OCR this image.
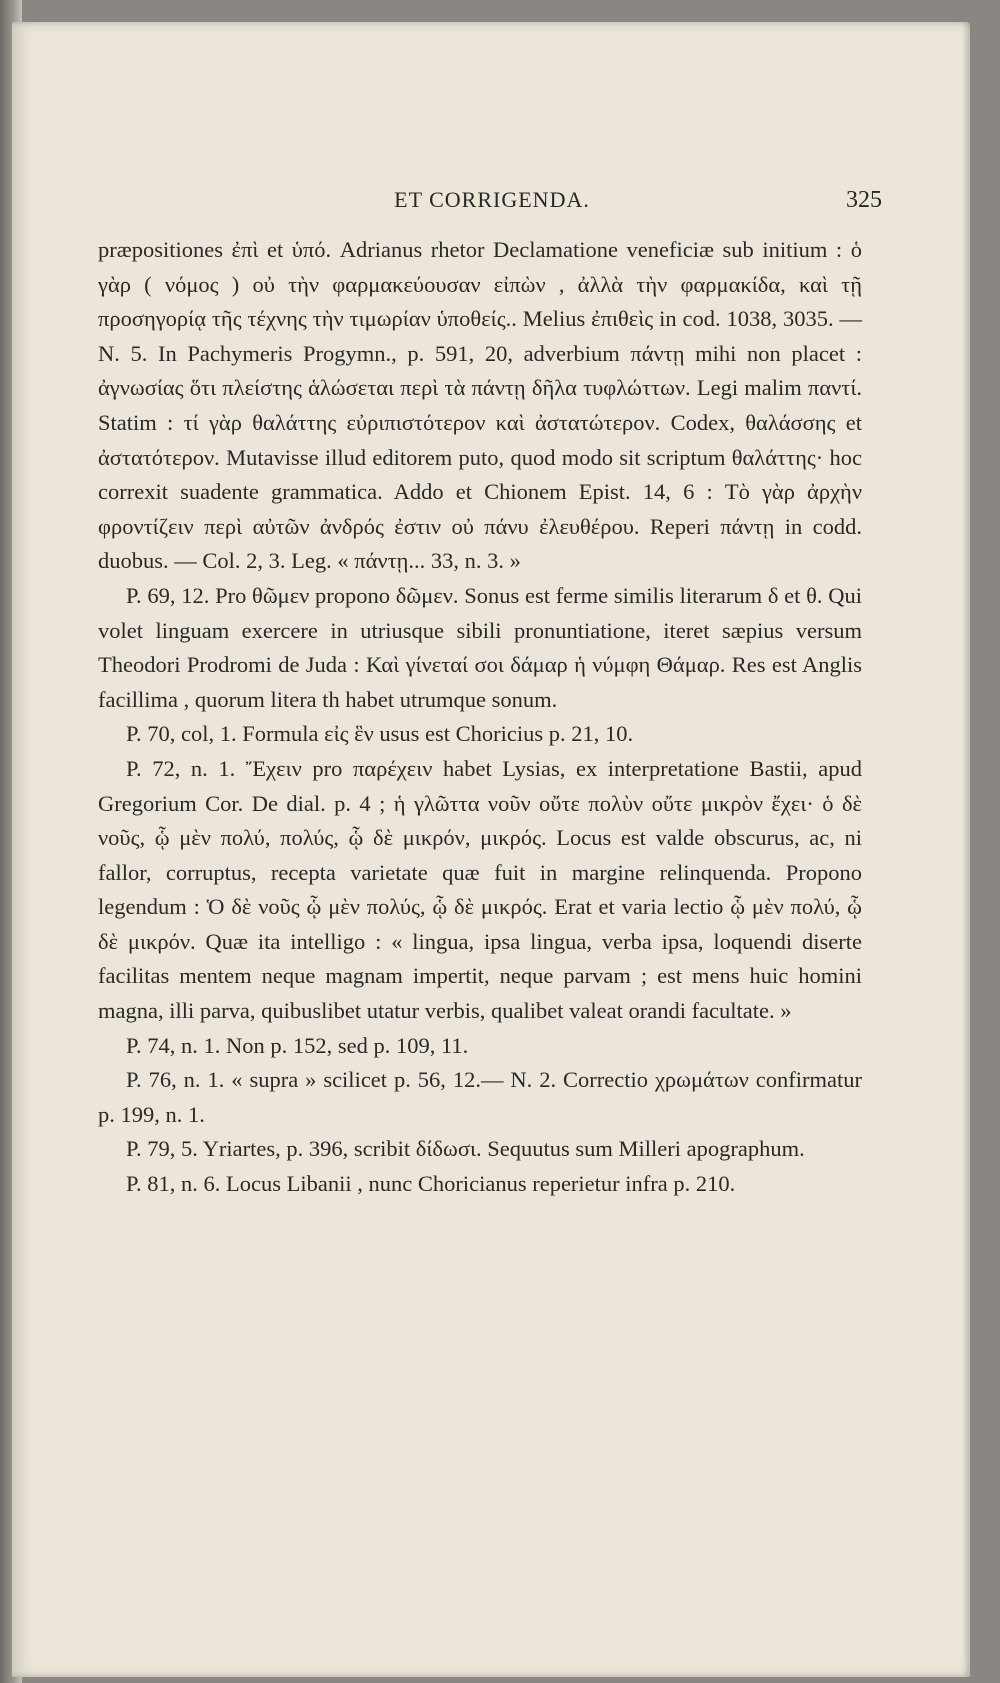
ET CORRIGENDA.	325

præpositiones ἐπὶ et ὑπό. Adrianus rhetor Declamatione veneficiæ sub initium : ὁ γὰρ ( νόμος ) οὐ τὴν φαρμακεύουσαν εἰπὼν , ἀλλὰ τὴν φαρμακίδα, καὶ τῇ προσηγορίᾳ τῆς τέχνης τὴν τιμωρίαν ὑποθείς.. Melius ἐπιθεὶς in cod. 1038, 3035. — N. 5. In Pachymeris Progymn., p. 591, 20, adverbium πάντῃ mihi non placet : ἀγνωσίας ὅτι πλείστης ἁλώσεται περὶ τὰ πάντῃ δῆλα τυφλώττων. Legi malim παντί. Statim : τί γὰρ θαλάττης εὐριπιστότερον καὶ ἀστατώτερον. Codex, θαλάσσης et ἀστατότερον. Mutavisse illud editorem puto, quod modo sit scriptum θαλάττης· hoc correxit suadente grammatica. Addo et Chionem Epist. 14, 6 : Τὸ γὰρ ἀρχὴν φροντίζειν περὶ αὐτῶν ἀνδρός ἐστιν οὐ πάνυ ἐλευθέρου. Reperi πάντῃ in codd. duobus. — Col. 2, 3. Leg. « πάντῃ... 33, n. 3. »

P. 69, 12. Pro θῶμεν propono δῶμεν. Sonus est ferme similis literarum δ et θ. Qui volet linguam exercere in utriusque sibili pronuntiatione, iteret sæpius versum Theodori Prodromi de Juda : Καὶ γίνεταί σοι δάμαρ ἡ νύμφη Θάμαρ. Res est Anglis facillima , quorum litera th habet utrumque sonum.

P. 70, col, 1. Formula εἰς ἓν usus est Choricius p. 21, 10.

P. 72, n. 1. Ἔχειν pro παρέχειν habet Lysias, ex interpretatione Bastii, apud Gregorium Cor. De dial. p. 4 ; ἡ γλῶττα νοῦν οὔτε πολὺν οὔτε μικρὸν ἔχει· ὁ δὲ νοῦς, ᾧ μὲν πολύ, πολύς, ᾧ δὲ μικρόν, μικρός. Locus est valde obscurus, ac, ni fallor, corruptus, recepta varietate quæ fuit in margine relinquenda. Propono legendum : Ὁ δὲ νοῦς ᾧ μὲν πολύς, ᾧ δὲ μικρός. Erat et varia lectio ᾧ μὲν πολύ, ᾧ δὲ μικρόν. Quæ ita intelligo : « lingua, ipsa lingua, verba ipsa, loquendi diserte facilitas mentem neque magnam impertit, neque parvam ; est mens huic homini magna, illi parva, quibuslibet utatur verbis, qualibet valeat orandi facultate. »

P. 74, n. 1. Non p. 152, sed p. 109, 11.

P. 76, n. 1. « supra » scilicet p. 56, 12.— N. 2. Correctio χρωμάτων confirmatur p. 199, n. 1.

P. 79, 5. Yriartes, p. 396, scribit δίδωσι. Sequutus sum Milleri apographum.

P. 81, n. 6. Locus Libanii , nunc Choricianus reperietur infra p. 210.
